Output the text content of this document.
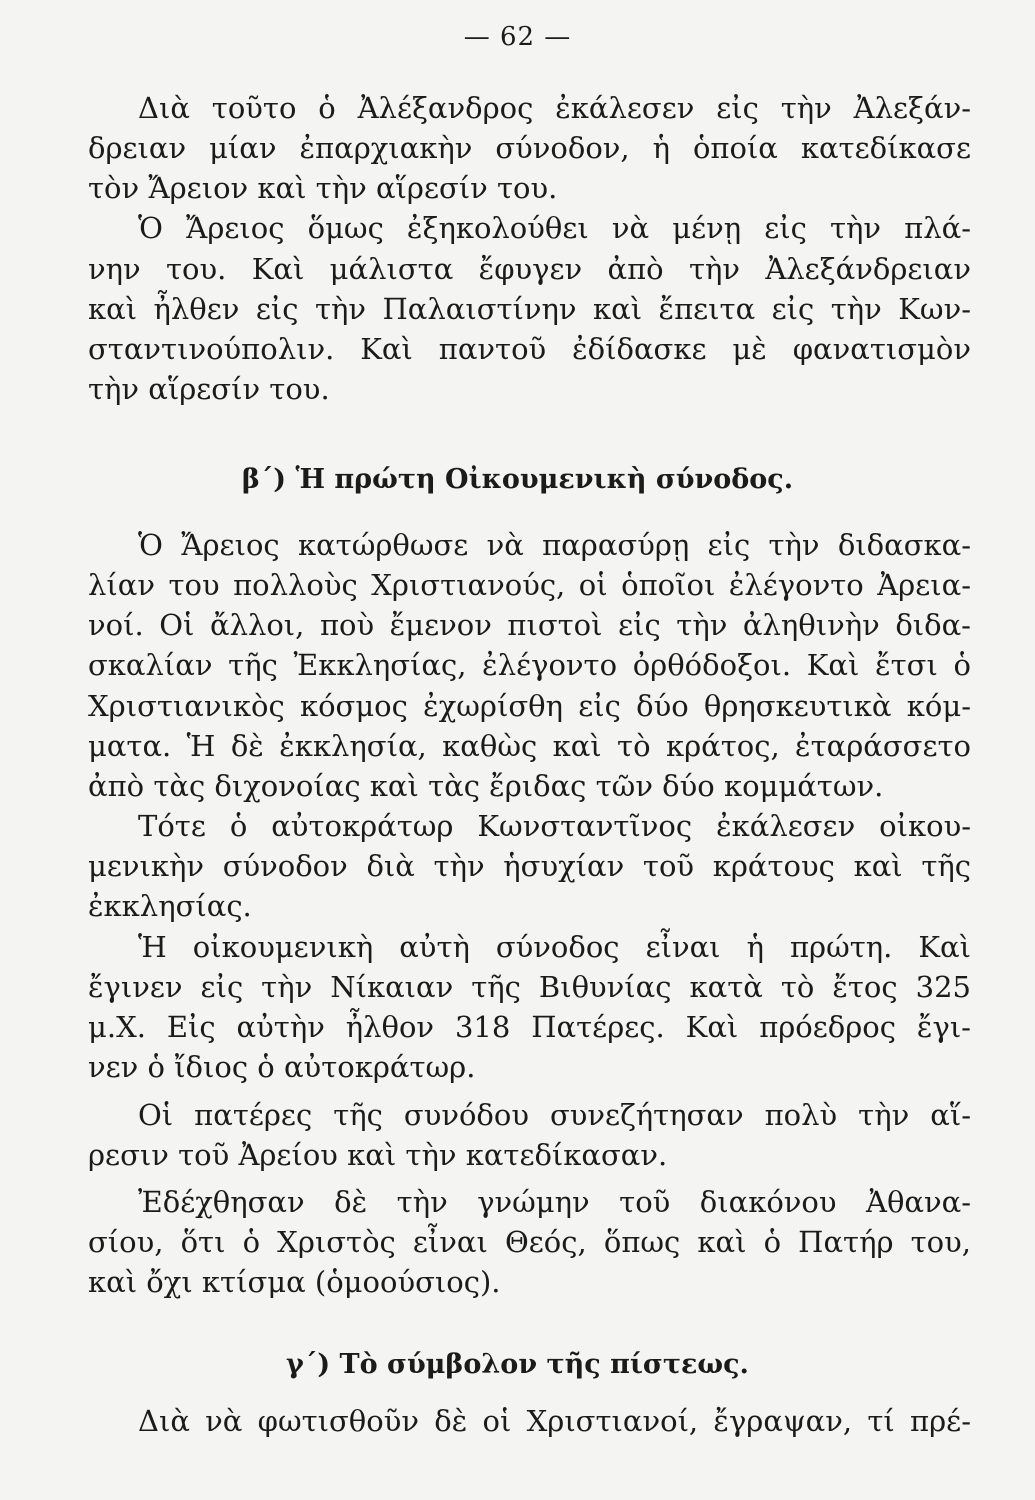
— 62 —
Διὰ τοῦτο ὁ Ἀλέξανδρος ἐκάλεσεν εἰς τὴν Ἀλεξάν-
δρειαν μίαν ἐπαρχιακὴν σύνοδον, ἡ ὁποία κατεδίκασε
τὸν Ἄρειον καὶ τὴν αἵρεσίν του.
Ὁ Ἄρειος ὅμως ἐξηκολούθει νὰ μένῃ εἰς τὴν πλά-
νην του. Καὶ μάλιστα ἔφυγεν ἀπὸ τὴν Ἀλεξάνδρειαν
καὶ ἦλθεν εἰς τὴν Παλαιστίνην καὶ ἔπειτα εἰς τὴν Κων-
σταντινούπολιν. Καὶ παντοῦ ἐδίδασκε μὲ φανατισμὸν
τὴν αἵρεσίν του.
β΄) Ἡ πρώτη Οἰκουμενικὴ σύνοδος.
Ὁ Ἄρειος κατώρθωσε νὰ παρασύρῃ εἰς τὴν διδασκα-
λίαν του πολλοὺς Χριστιανούς, οἱ ὁποῖοι ἐλέγοντο Ἀρεια-
νοί. Οἱ ἄλλοι, ποὺ ἔμενον πιστοὶ εἰς τὴν ἀληθινὴν διδα-
σκαλίαν τῆς Ἐκκλησίας, ἐλέγοντο ὀρθόδοξοι. Καὶ ἔτσι ὁ
Χριστιανικὸς κόσμος ἐχωρίσθη εἰς δύο θρησκευτικὰ κόμ-
ματα. Ἡ δὲ ἐκκλησία, καθὼς καὶ τὸ κράτος, ἐταράσσετο
ἀπὸ τὰς διχονοίας καὶ τὰς ἔριδας τῶν δύο κομμάτων.
Τότε ὁ αὐτοκράτωρ Κωνσταντῖνος ἐκάλεσεν οἰκου-
μενικὴν σύνοδον διὰ τὴν ἡσυχίαν τοῦ κράτους καὶ τῆς
ἐκκλησίας.
Ἡ οἰκουμενικὴ αὐτὴ σύνοδος εἶναι ἡ πρώτη. Καὶ
ἔγινεν εἰς τὴν Νίκαιαν τῆς Βιθυνίας κατὰ τὸ ἔτος 325
μ.Χ. Εἰς αὐτὴν ἦλθον 318 Πατέρες. Καὶ πρόεδρος ἔγι-
νεν ὁ ἴδιος ὁ αὐτοκράτωρ.
Οἱ πατέρες τῆς συνόδου συνεζήτησαν πολὺ τὴν αἵ-
ρεσιν τοῦ Ἀρείου καὶ τὴν κατεδίκασαν.
Ἐδέχθησαν δὲ τὴν γνώμην τοῦ διακόνου Ἀθανα-
σίου, ὅτι ὁ Χριστὸς εἶναι Θεός, ὅπως καὶ ὁ Πατήρ του,
καὶ ὄχι κτίσμα (ὁμοούσιος).
γ΄) Τὸ σύμβολον τῆς πίστεως.
Διὰ νὰ φωτισθοῦν δὲ οἱ Χριστιανοί, ἔγραψαν, τί πρέ-
